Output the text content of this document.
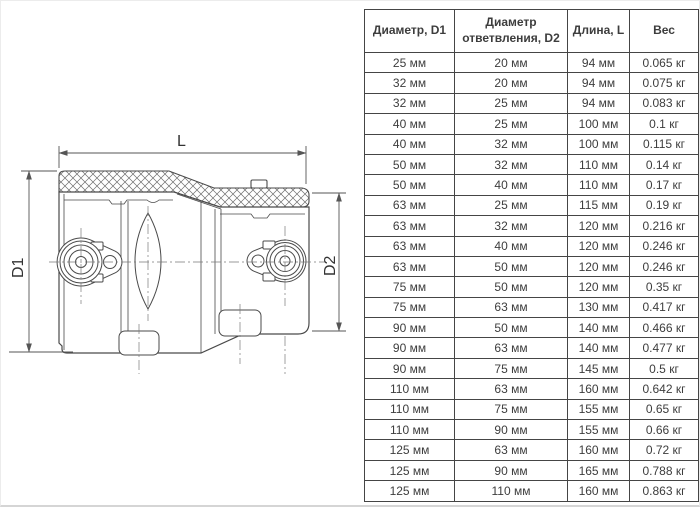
L
D1	D2
Диаметр, D1	Диаметр ответвления, D2	Длина, L	Вес
25 мм	20 мм	94 мм	0.065 кг
32 мм	20 мм	94 мм	0.075 кг
32 мм	25 мм	94 мм	0.083 кг
40 мм	25 мм	100 мм	0.1 кг
40 мм	32 мм	100 мм	0.115 кг
50 мм	32 мм	110 мм	0.14 кг
50 мм	40 мм	110 мм	0.17 кг
63 мм	25 мм	115 мм	0.19 кг
63 мм	32 мм	120 мм	0.216 кг
63 мм	40 мм	120 мм	0.246 кг
63 мм	50 мм	120 мм	0.246 кг
75 мм	50 мм	120 мм	0.35 кг
75 мм	63 мм	130 мм	0.417 кг
90 мм	50 мм	140 мм	0.466 кг
90 мм	63 мм	140 мм	0.477 кг
90 мм	75 мм	145 мм	0.5 кг
110 мм	63 мм	160 мм	0.642 кг
110 мм	75 мм	155 мм	0.65 кг
110 мм	90 мм	155 мм	0.66 кг
125 мм	63 мм	160 мм	0.72 кг
125 мм	90 мм	165 мм	0.788 кг
125 мм	110 мм	160 мм	0.863 кг
